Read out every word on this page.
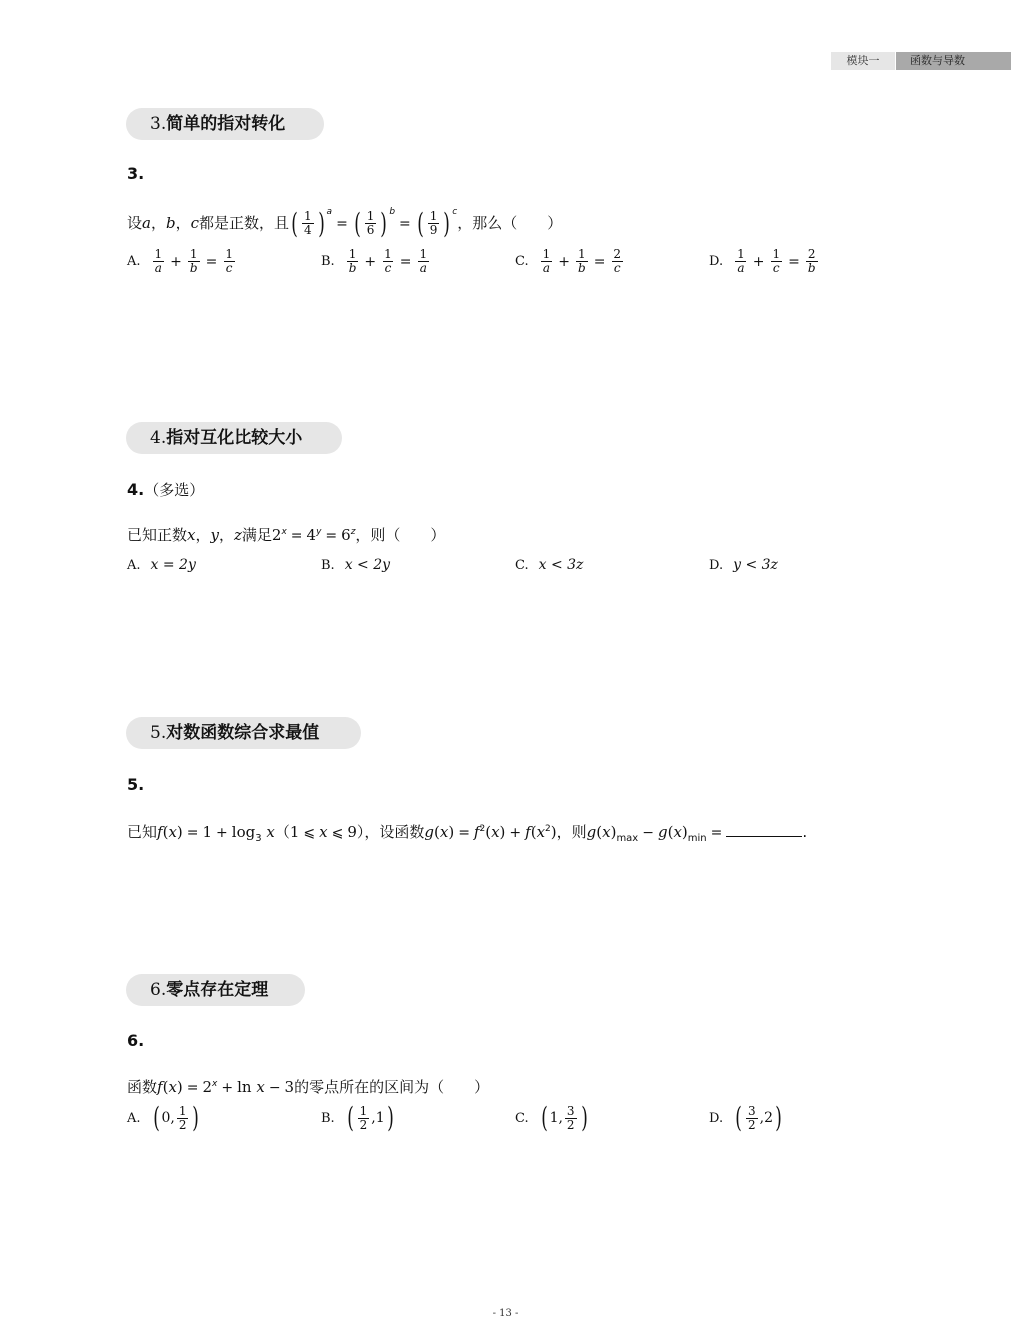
模块一	函数与导数
3.简单的指对转化
3.
设a，b，c都是正数，且( $\frac{1}{4}$ ) $^a$= ( $\frac{1}{6}$ ) $^b$= ( $\frac{1}{9}$ ) $^c$，那么（　　）
A. $\frac{1}{a} + \frac{1}{b} = \frac{1}{c}$	B. $\frac{1}{b} + \frac{1}{c} = \frac{1}{a}$	C. $\frac{1}{a} + \frac{1}{b} = \frac{2}{c}$	D. $\frac{1}{a} + \frac{1}{c} = \frac{2}{b}$
4.指对互化比较大小
4.（多选）
已知正数x，y，z满足$2^x = 4^y = 6^z$，则（　　）
A. x = 2y	B. x < 2y	C. x < 3z	D. y < 3z
5.对数函数综合求最值
5.
已知$f(x) = 1 + \log_3 x(1$ ⩽ x ⩽ 9），设函数$g(x) = f^2(x) + f(x^2)$，则$g(x)_{max} - g(x)_{min}$ =	.
6.零点存在定理
6.
函数$f(x) = 2^x + \ln x - 3$的零点所在的区间为（　　）
A. ( 0, $\frac{1}{2}$ )	B. ( $\frac{1}{2} ,1$ )	C. ( 1, $\frac{3}{2}$ )	D. ( $\frac{3}{2} ,2$ )
- 13 -
